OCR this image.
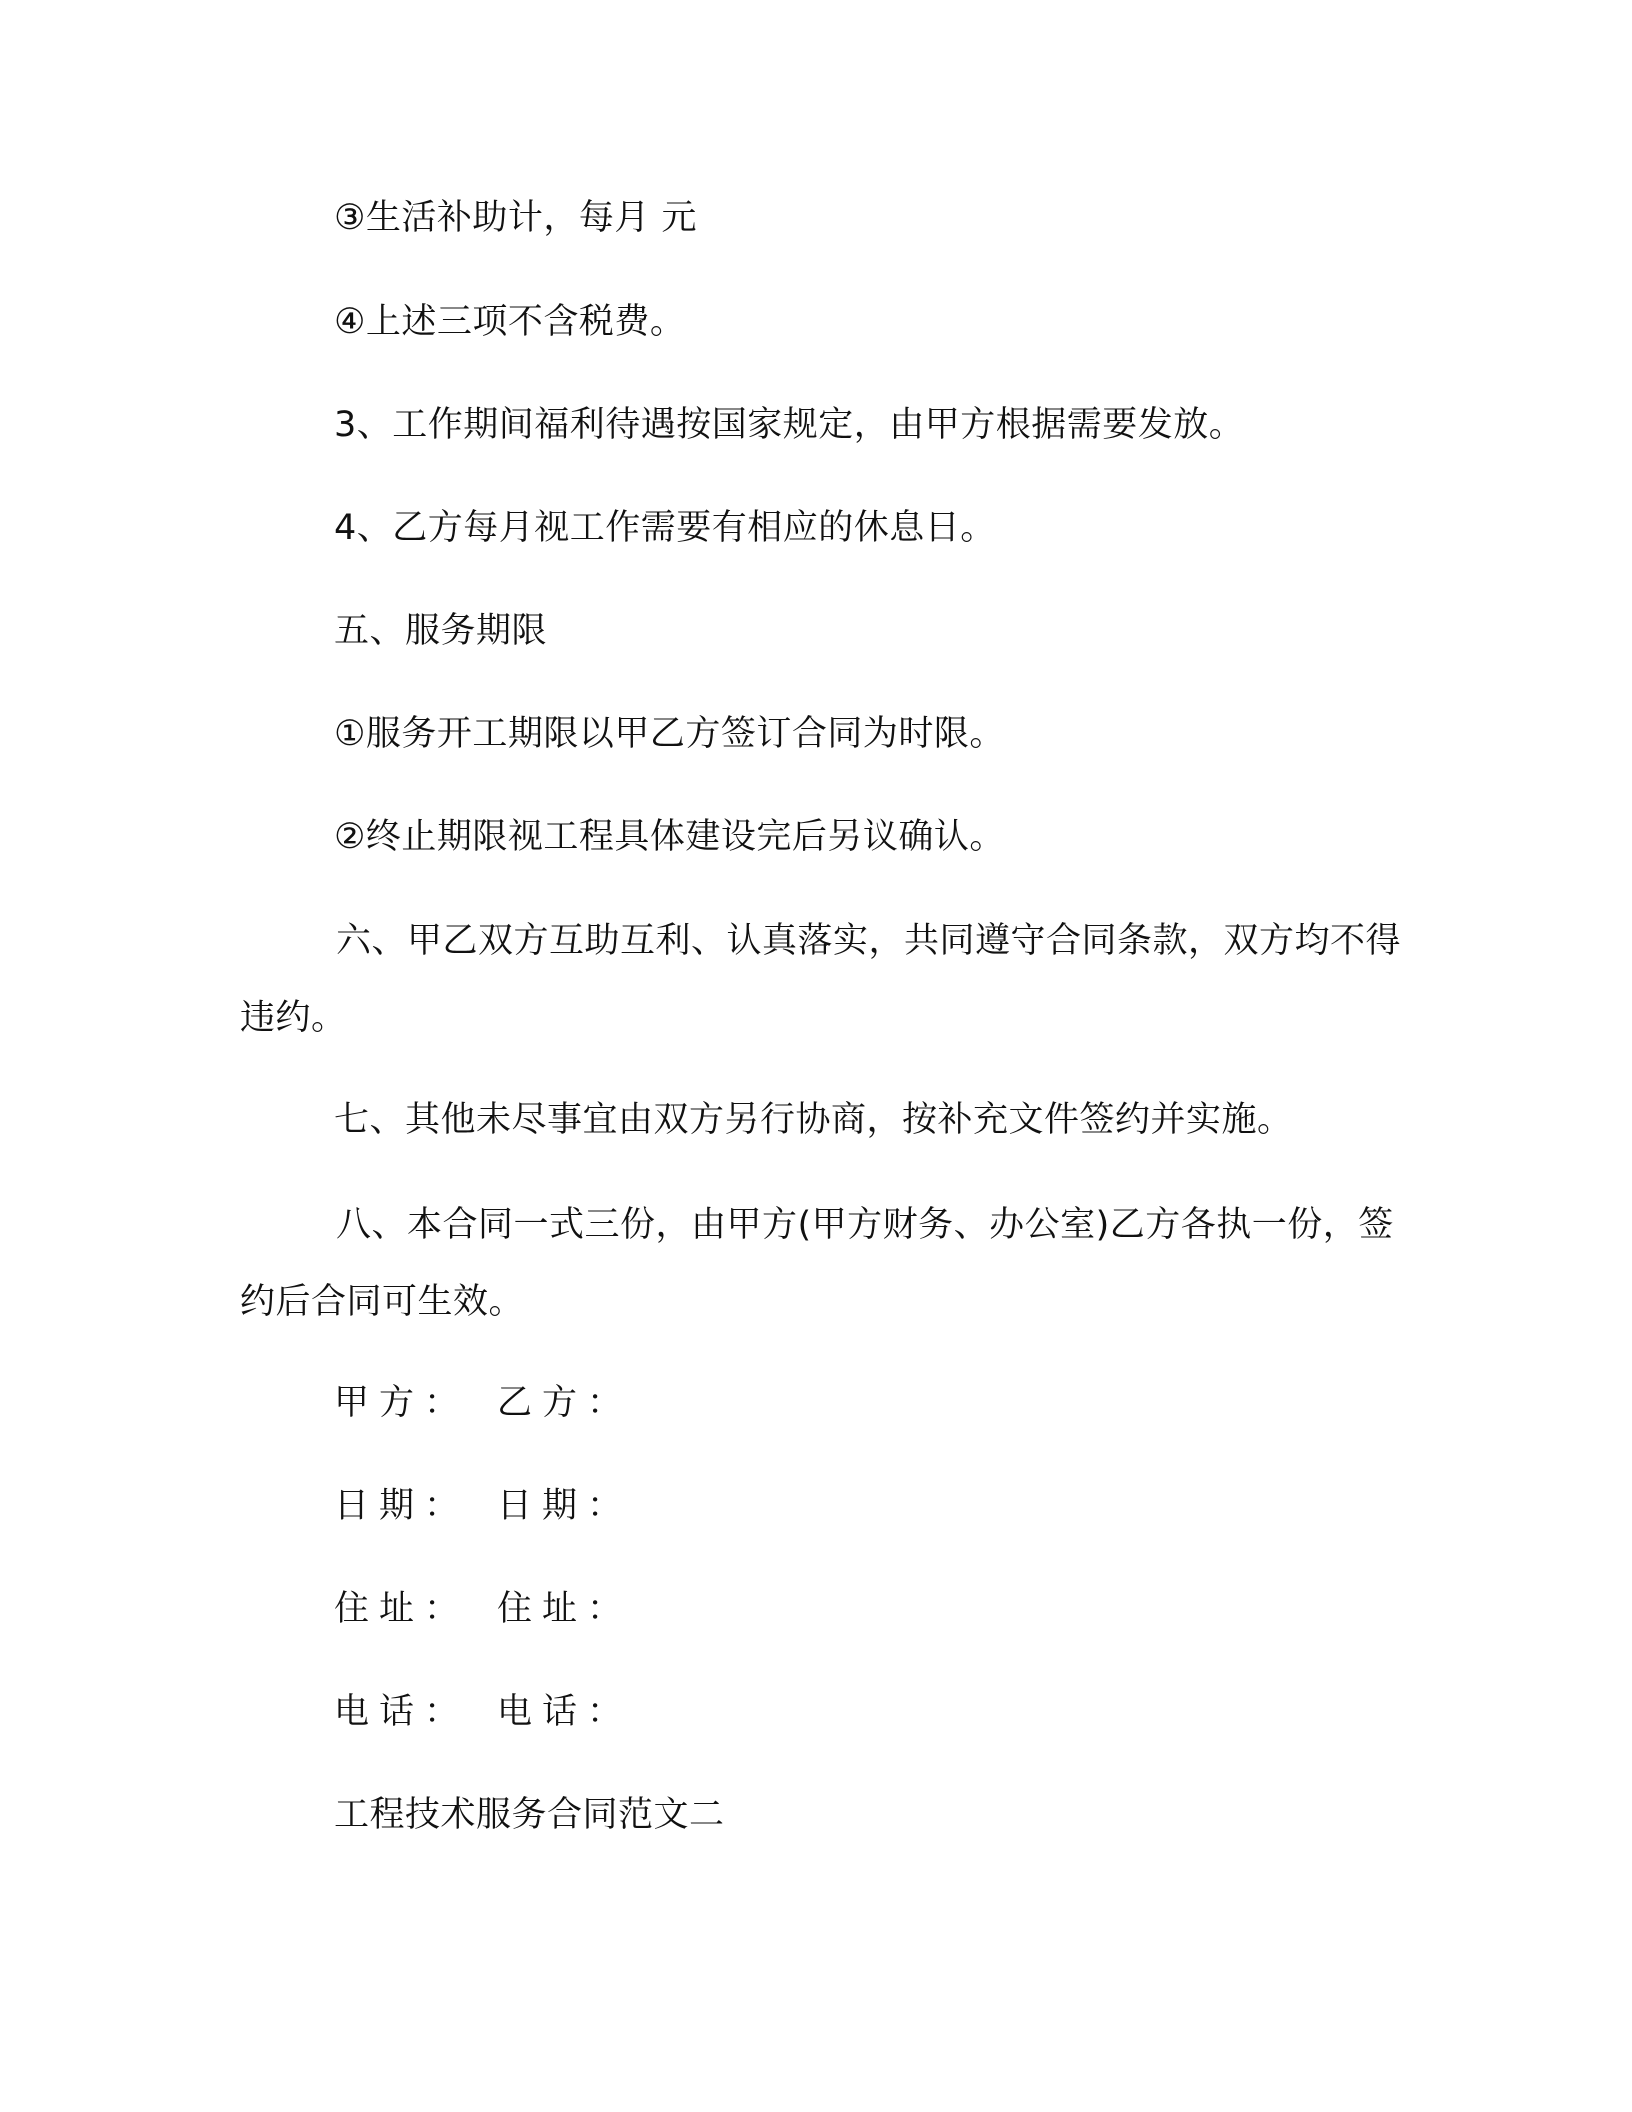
③生活补助计，每月 元

④上述三项不含税费。

3、工作期间福利待遇按国家规定，由甲方根据需要发放。

4、乙方每月视工作需要有相应的休息日。

五、服务期限

①服务开工期限以甲乙方签订合同为时限。

②终止期限视工程具体建设完后另议确认。

六、甲乙双方互助互利、认真落实，共同遵守合同条款，双方均不得违约。

七、其他未尽事宜由双方另行协商，按补充文件签约并实施。

八、本合同一式三份，由甲方(甲方财务、办公室)乙方各执一份，签约后合同可生效。

甲方： 乙方：
日期： 日期：
住址： 住址：
电话： 电话：

工程技术服务合同范文二
